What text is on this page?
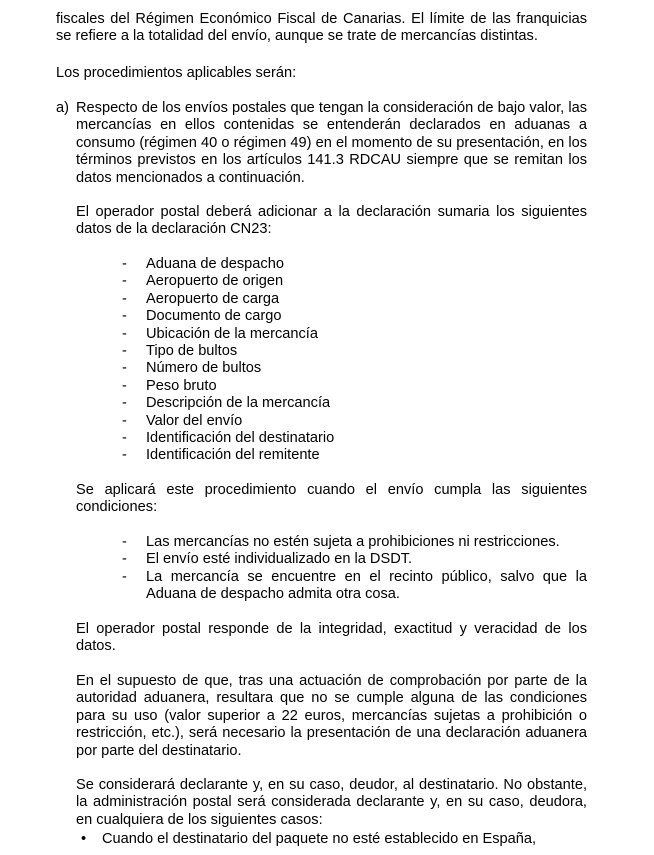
fiscales del Régimen Económico Fiscal de Canarias. El límite de las franquicias se refiere a la totalidad del envío, aunque se trate de mercancías distintas.

Los procedimientos aplicables serán:

a) Respecto de los envíos postales que tengan la consideración de bajo valor, las mercancías en ellos contenidas se entenderán declarados en aduanas a consumo (régimen 40 o régimen 49) en el momento de su presentación, en los términos previstos en los artículos 141.3 RDCAU siempre que se remitan los datos mencionados a continuación.

El operador postal deberá adicionar a la declaración sumaria los siguientes datos de la declaración CN23:

- Aduana de despacho
- Aeropuerto de origen
- Aeropuerto de carga
- Documento de cargo
- Ubicación de la mercancía
- Tipo de bultos
- Número de bultos
- Peso bruto
- Descripción de la mercancía
- Valor del envío
- Identificación del destinatario
- Identificación del remitente

Se aplicará este procedimiento cuando el envío cumpla las siguientes condiciones:

- Las mercancías no estén sujeta a prohibiciones ni restricciones.
- El envío esté individualizado en la DSDT.
- La mercancía se encuentre en el recinto público, salvo que la Aduana de despacho admita otra cosa.

El operador postal responde de la integridad, exactitud y veracidad de los datos.

En el supuesto de que, tras una actuación de comprobación por parte de la autoridad aduanera, resultara que no se cumple alguna de las condiciones para su uso (valor superior a 22 euros, mercancías sujetas a prohibición o restricción, etc.), será necesario la presentación de una declaración aduanera por parte del destinatario.

Se considerará declarante y, en su caso, deudor, al destinatario. No obstante, la administración postal será considerada declarante y, en su caso, deudora, en cualquiera de los siguientes casos:

• Cuando el destinatario del paquete no esté establecido en España,
